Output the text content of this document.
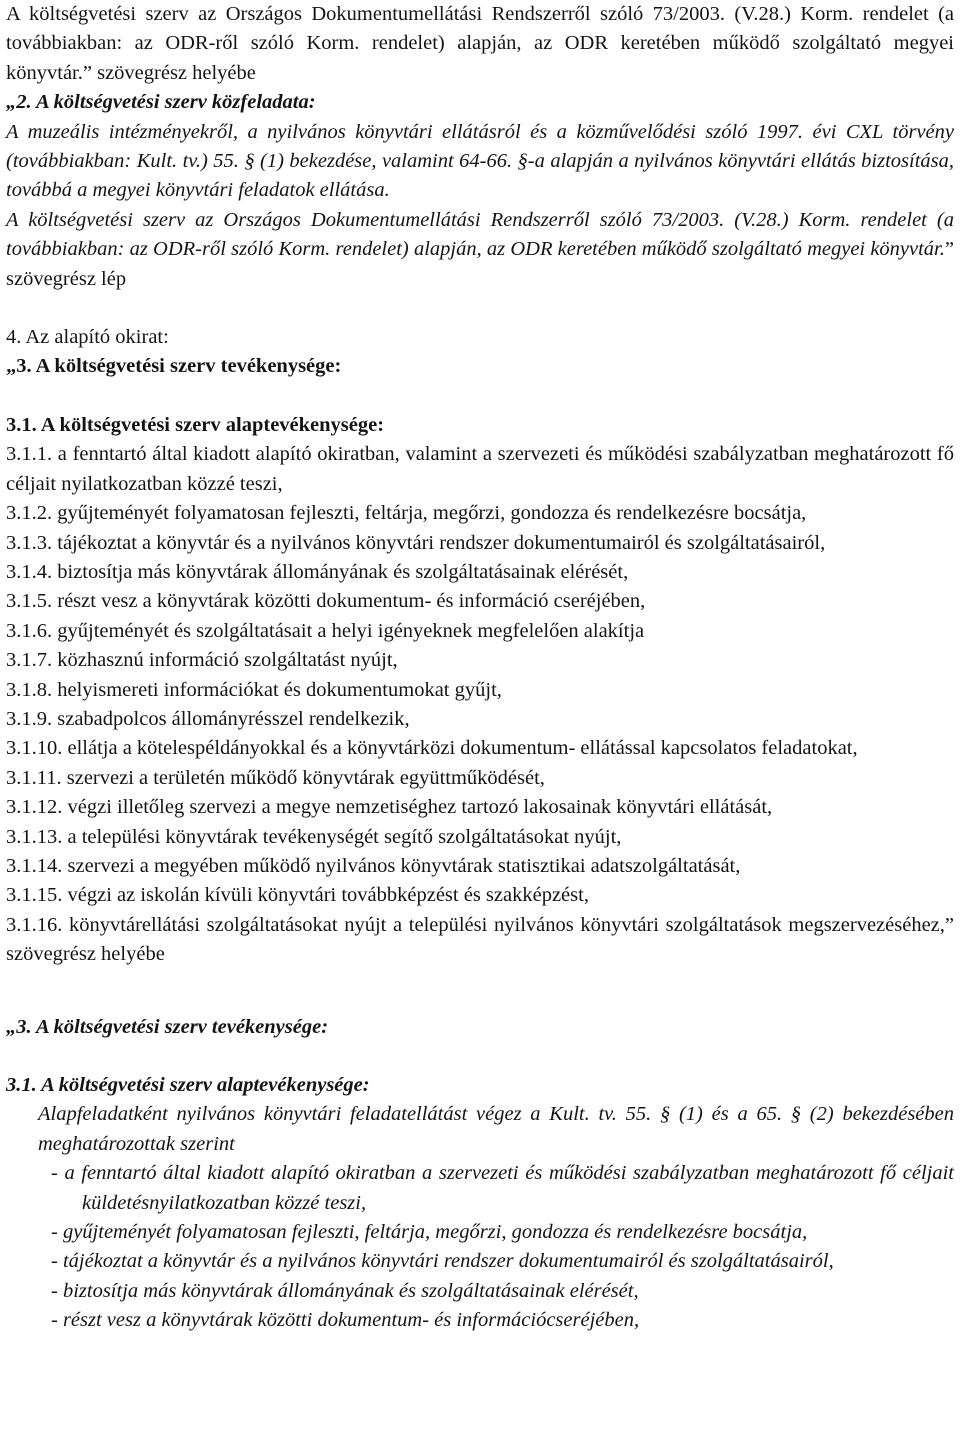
A költségvetési szerv az Országos Dokumentumellátási Rendszerről szóló 73/2003. (V.28.) Korm. rendelet (a továbbiakban: az ODR-ről szóló Korm. rendelet) alapján, az ODR keretében működő szolgáltató megyei könyvtár.” szövegrész helyébe

„2. A költségvetési szerv közfeladata:

A muzeális intézményekről, a nyilvános könyvtári ellátásról és a közművelődési szóló 1997. évi CXL törvény (továbbiakban: Kult. tv.) 55. § (1) bekezdése, valamint 64-66. §-a alapján a nyilvános könyvtári ellátás biztosítása, továbbá a megyei könyvtári feladatok ellátása.

A költségvetési szerv az Országos Dokumentumellátási Rendszerről szóló 73/2003. (V.28.) Korm. rendelet (a továbbiakban: az ODR-ről szóló Korm. rendelet) alapján, az ODR keretében működő szolgáltató megyei könyvtár.” szövegrész lép

4. Az alapító okirat:

„3. A költségvetési szerv tevékenysége:

3.1. A költségvetési szerv alaptevékenysége:

3.1.1. a fenntartó által kiadott alapító okiratban, valamint a szervezeti és működési szabályzatban meghatározott fő céljait nyilatkozatban közzé teszi,

3.1.2. gyűjteményét folyamatosan fejleszti, feltárja, megőrzi, gondozza és rendelkezésre bocsátja,

3.1.3. tájékoztat a könyvtár és a nyilvános könyvtári rendszer dokumentumairól és szolgáltatásairól,

3.1.4. biztosítja más könyvtárak állományának és szolgáltatásainak elérését,

3.1.5. részt vesz a könyvtárak közötti dokumentum- és információ cseréjében,

3.1.6. gyűjteményét és szolgáltatásait a helyi igényeknek megfelelően alakítja

3.1.7. közhasznú információ szolgáltatást nyújt,

3.1.8. helyismereti információkat és dokumentumokat gyűjt,

3.1.9. szabadpolcos állományrésszel rendelkezik,

3.1.10. ellátja a kötelespéldányokkal és a könyvtárközi dokumentum- ellátással kapcsolatos feladatokat,

3.1.11. szervezi a területén működő könyvtárak együttműködését,

3.1.12. végzi illetőleg szervezi a megye nemzetiséghez tartozó lakosainak könyvtári ellátását,

3.1.13. a települési könyvtárak tevékenységét segítő szolgáltatásokat nyújt,

3.1.14. szervezi a megyében működő nyilvános könyvtárak statisztikai adatszolgáltatását,

3.1.15. végzi az iskolán kívüli könyvtári továbbképzést és szakképzést,

3.1.16. könyvtárellátási szolgáltatásokat nyújt a települési nyilvános könyvtári szolgáltatások megszervezéséhez,” szövegrész helyébe

„3. A költségvetési szerv tevékenysége:

3.1. A költségvetési szerv alaptevékenysége:

Alapfeladatként nyilvános könyvtári feladatellátást végez a Kult. tv. 55. § (1) és a 65. § (2) bekezdésében meghatározottak szerint

- a fenntartó által kiadott alapító okiratban a szervezeti és működési szabályzatban meghatározott fő céljait küldetésnyilatkozatban közzé teszi,

- gyűjteményét folyamatosan fejleszti, feltárja, megőrzi, gondozza és rendelkezésre bocsátja,

- tájékoztat a könyvtár és a nyilvános könyvtári rendszer dokumentumairól és szolgáltatásairól,

- biztosítja más könyvtárak állományának és szolgáltatásainak elérését,

- részt vesz a könyvtárak közötti dokumentum- és információcseréjében,
